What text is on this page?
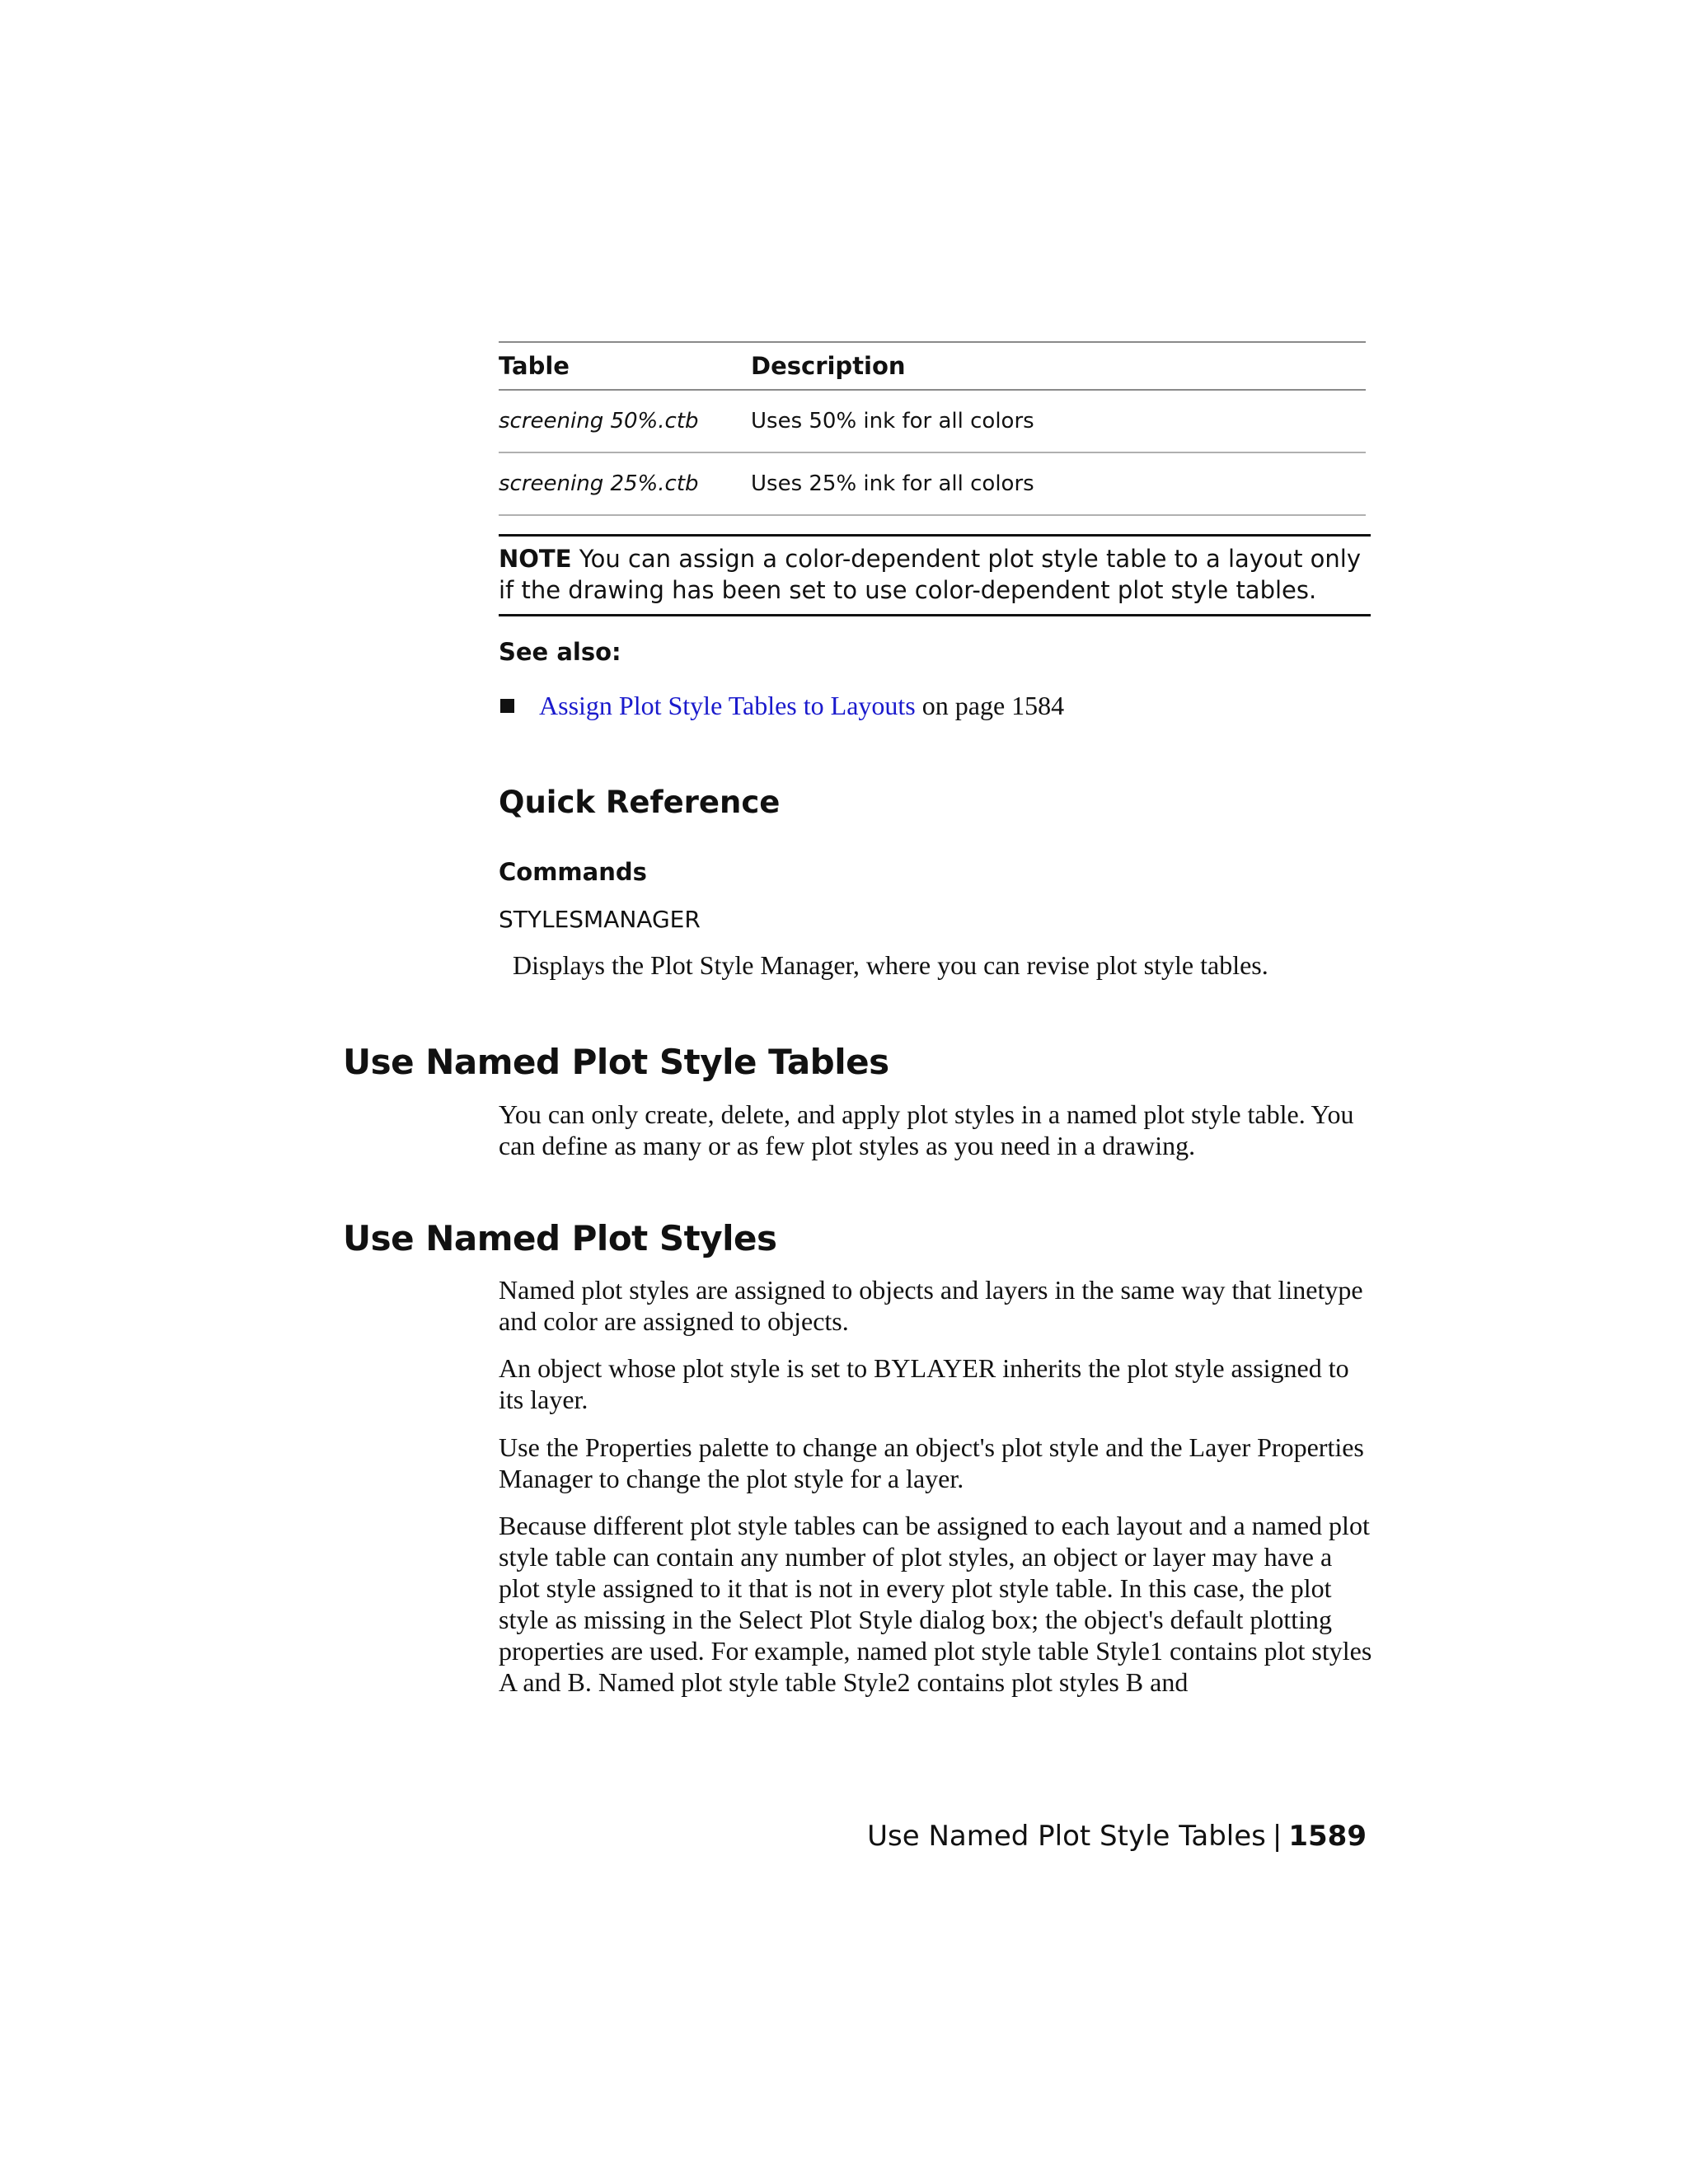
Table	Description
screening 50%.ctb	Uses 50% ink for all colors
screening 25%.ctb	Uses 25% ink for all colors
NOTE You can assign a color-dependent plot style table to a layout only if the drawing has been set to use color-dependent plot style tables.
See also:
Assign Plot Style Tables to Layouts on page 1584
Quick Reference
Commands
STYLESMANAGER
Displays the Plot Style Manager, where you can revise plot style tables.
Use Named Plot Style Tables

You can only create, delete, and apply plot styles in a named plot style table. You can define as many or as few plot styles as you need in a drawing.

Use Named Plot Styles

Named plot styles are assigned to objects and layers in the same way that linetype and color are assigned to objects.

An object whose plot style is set to BYLAYER inherits the plot style assigned to its layer.

Use the Properties palette to change an object's plot style and the Layer Properties Manager to change the plot style for a layer.

Because different plot style tables can be assigned to each layout and a named plot style table can contain any number of plot styles, an object or layer may have a plot style assigned to it that is not in every plot style table. In this case, the plot style as missing in the Select Plot Style dialog box; the object's default plotting properties are used. For example, named plot style table Style1 contains plot styles A and B. Named plot style table Style2 contains plot styles B and

Use Named Plot Style Tables | 1589
